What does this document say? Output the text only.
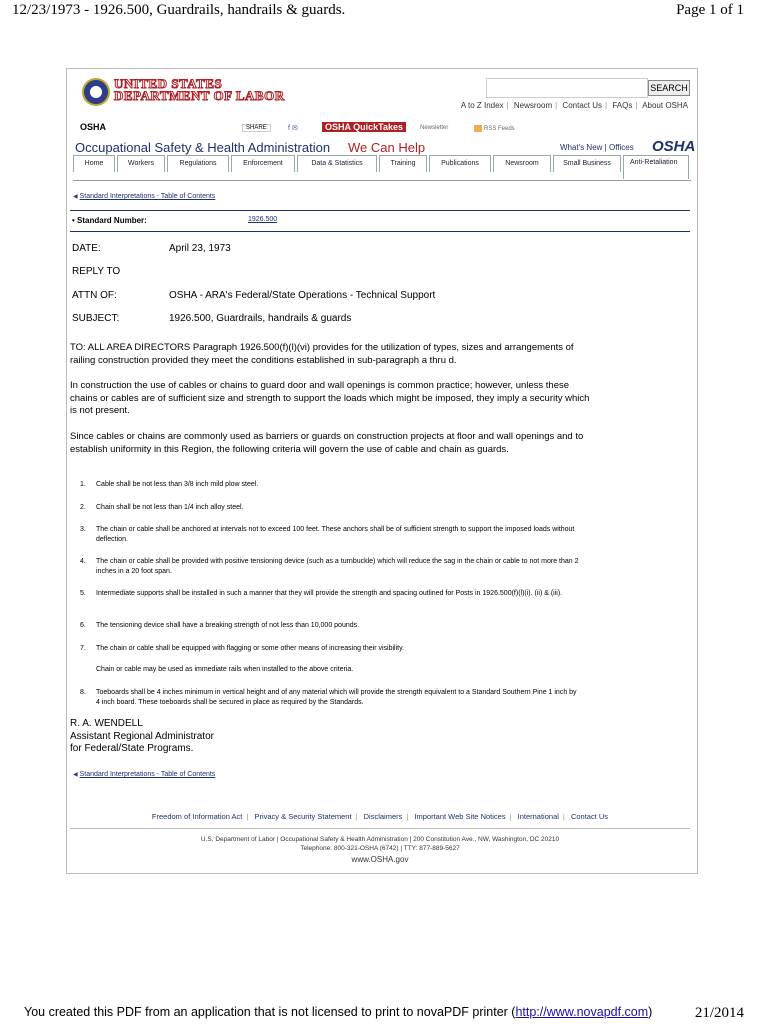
12/23/1973 - 1926.500, Guardrails, handrails & guards.	Page 1 of 1
UNITED STATES
DEPARTMENT OF LABOR	SEARCH
A to Z Index | Newsroom | Contact Us | FAQs | About OSHA
OSHA	SHARE	f ✉	OSHA QuickTakes	Newsletter	RSS Feeds
Occupational Safety & Health Administration We Can Help	What's New | Offices OSHA
Home	Workers	Regulations	Enforcement	Data & Statistics	Training	Publications	Newsroom	Small Business	Anti-Retaliation
◀ Standard Interpretations - Table of Contents
• Standard Number:	1926.500
DATE:	April 23, 1973
REPLY TO
ATTN OF:	OSHA - ARA's Federal/State Operations - Technical Support
SUBJECT:	1926.500, Guardrails, handrails & guards
TO: ALL AREA DIRECTORS Paragraph 1926.500(f)(l)(vi) provides for the utilization of types, sizes and arrangements of railing construction provided they meet the conditions established in sub-paragraph a thru d.
In construction the use of cables or chains to guard door and wall openings is common practice; however, unless these chains or cables are of sufficient size and strength to support the loads which might be imposed, they imply a security which is not present.
Since cables or chains are commonly used as barriers or guards on construction projects at floor and wall openings and to establish uniformity in this Region, the following criteria will govern the use of cable and chain as guards.
1. Cable shall be not less than 3/8 inch mild plow steel.
2. Chain shall be not less than 1/4 inch alloy steel.
3. The chain or cable shall be anchored at intervals not to exceed 100 feet. These anchors shall be of sufficient strength to support the imposed loads without deflection.
4. The chain or cable shall be provided with positive tensioning device (such as a turnbuckle) which will reduce the sag in the chain or cable to not more than 2 inches in a 20 foot span.
5. Intermediate supports shall be installed in such a manner that they will provide the strength and spacing outlined for Posts in 1926.500(f)(l)(i). (ii) & (iii).
6. The tensioning device shall have a breaking strength of not less than 10,000 pounds.
7. The chain or cable shall be equipped with flagging or some other means of increasing their visibility.
Chain or cable may be used as immediate rails when installed to the above criteria.
8. Toeboards shall be 4 inches minimum in vertical height and of any material which will provide the strength equivalent to a Standard Southern Pine 1 inch by 4 inch board. These toeboards shall be secured in place as required by the Standards.
R. A. WENDELL
Assistant Regional Administrator
for Federal/State Programs.
◀ Standard Interpretations - Table of Contents
Freedom of Information Act | Privacy & Security Statement | Disclaimers | Important Web Site Notices | International | Contact Us
U.S. Department of Labor | Occupational Safety & Health Administration | 200 Constitution Ave., NW, Washington, DC 20210
Telephone: 800-321-OSHA (6742) | TTY: 877-889-5627
www.OSHA.gov
You created this PDF from an application that is not licensed to print to novaPDF printer (http://www.novapdf.com)	21/2014
